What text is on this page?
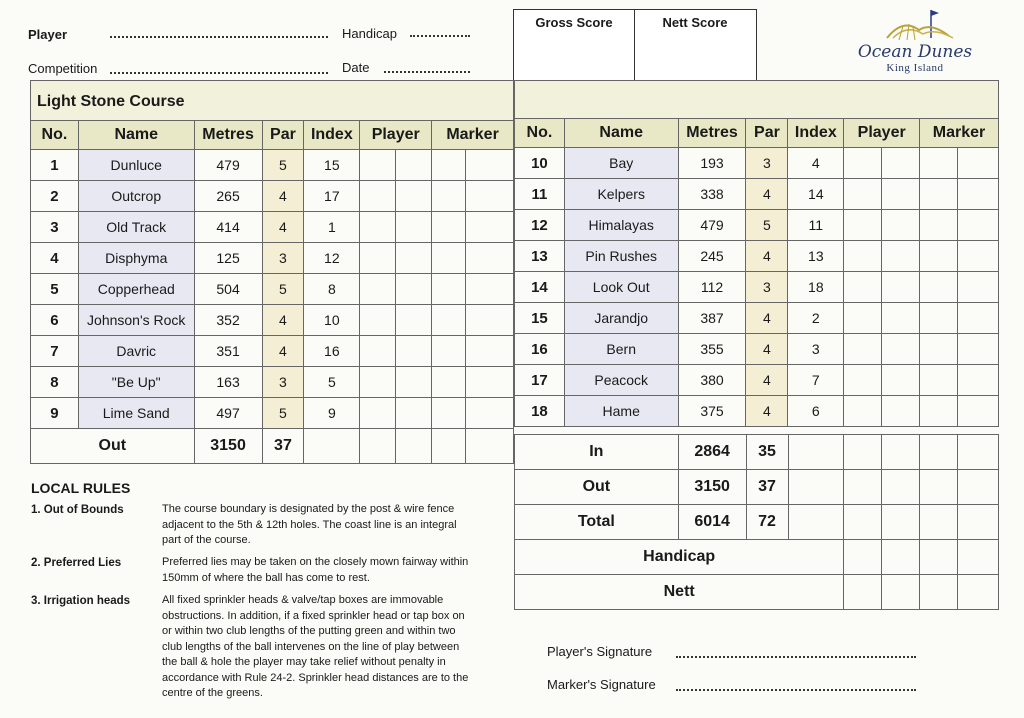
Player	Handicap
Competition	Date
Gross Score	Nett Score
Ocean Dunes
King Island
Light Stone Course
No.	Name	Metres	Par	Index	Player		Marker	
1	Dunluce	479	5	15				
2	Outcrop	265	4	17				
3	Old Track	414	4	1				
4	Disphyma	125	3	12				
5	Copperhead	504	5	8				
6	Johnson's Rock	352	4	10				
7	Davric	351	4	16				
8	"Be Up"	163	3	5				
9	Lime Sand	497	5	9				
Out		3150	37					
No.	Name	Metres	Par	Index	Player		Marker	
10	Bay	193	3	4				
11	Kelpers	338	4	14				
12	Himalayas	479	5	11				
13	Pin Rushes	245	4	13				
14	Look Out	112	3	18				
15	Jarandjo	387	4	2				
16	Bern	355	4	3				
17	Peacock	380	4	7				
18	Hame	375	4	6				
In	2864	35					
Out	3150	37					
Total	6014	72					
Handicap							
Nett							
LOCAL RULES
1. Out of Bounds	The course boundary is designated by the post & wire fence
adjacent to the 5th & 12th holes. The coast line is an integral
part of the course.
2. Preferred Lies	Preferred lies may be taken on the closely mown fairway within
150mm of where the ball has come to rest.
3. Irrigation heads	All fixed sprinkler heads & valve/tap boxes are immovable
obstructions. In addition, if a fixed sprinkler head or tap box on
or within two club lengths of the putting green and within two
club lengths of the ball intervenes on the line of play between
the ball & hole the player may take relief without penalty in
accordance with Rule 24-2. Sprinkler head distances are to the
centre of the greens.
Player's Signature
Marker's Signature
